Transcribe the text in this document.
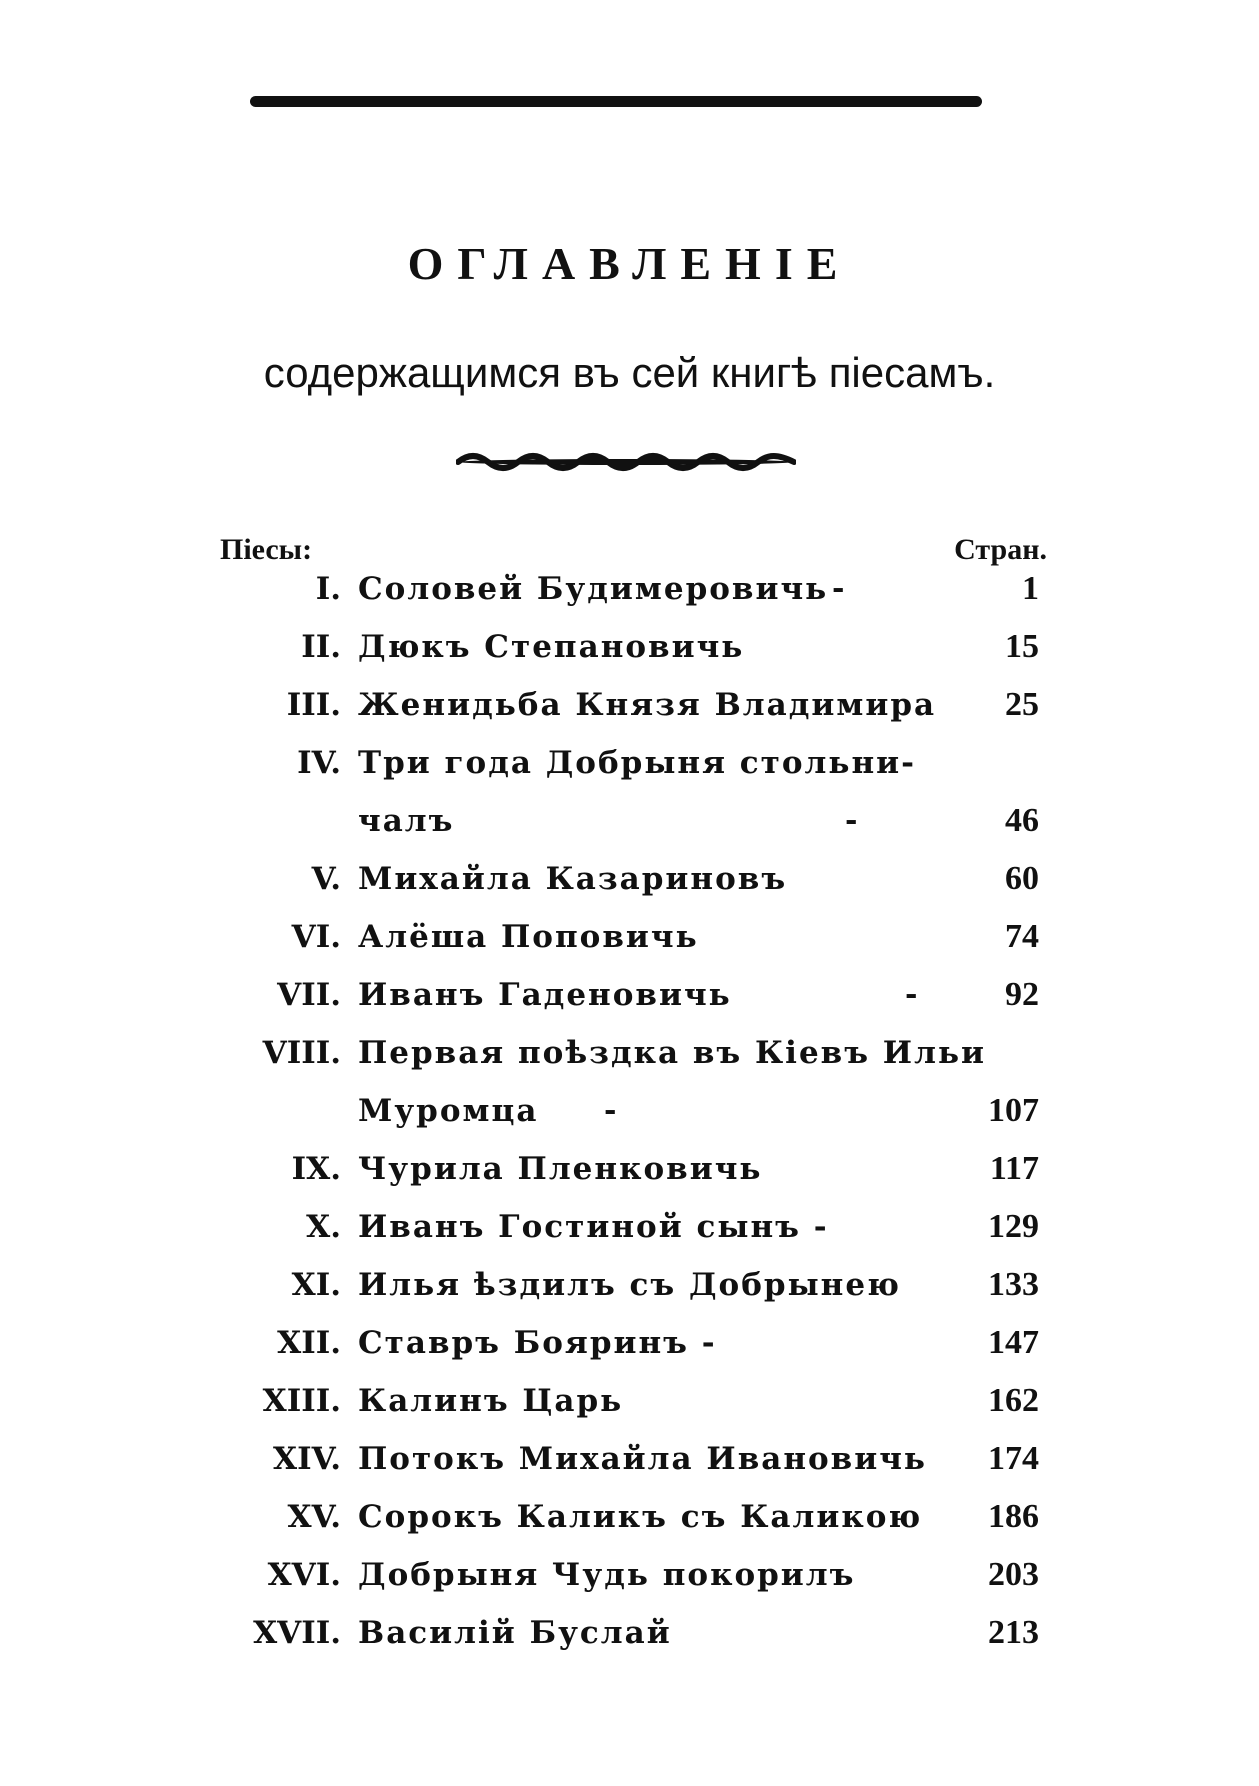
ОГЛАВЛЕНІЕ
содержащимся въ сей книгѣ піесамъ.
Піесы:	Стран.
I. Соловей Будимеровичь -	1
II. Дюкъ Степановичь	15
III. Женидьба Князя Владимира 25
IV. Три года Добрыня стольни-
чалъ	-	46
V. Михайла Казариновъ	60
VI. Алёша Поповичь	74
VII. Иванъ Гаденовичь	-	92
VIII. Первая поѣздка въ Кіевъ Ильи
Муромца -	107
IX. Чурила Пленковичь	117
X. Иванъ Гостиной сынъ -	129
XI. Илья ѣздилъ съ Добрынею	133
XII. Ставръ Бояринъ -	147
XIII. Калинъ Царь	162
XIV. Потокъ Михайла Ивановичь 174
XV. Сорокъ Каликъ съ Каликою 186
XVI. Добрыня Чудь покорилъ	203
XVII. Василій Буслай	213
